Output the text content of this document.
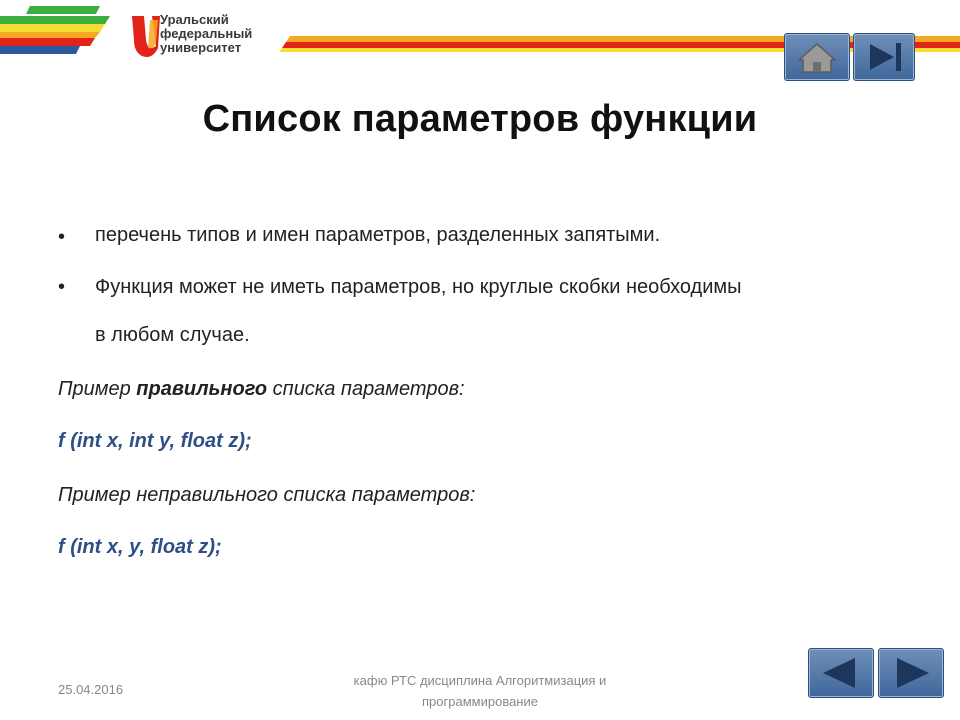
Уральский
федеральный
университет
Список параметров функции
• перечень типов и имен параметров, разделенных запятыми.
• Функция может не иметь параметров, но круглые скобки необходимы
в любом случае.
Пример правильного списка параметров:
f (int x, int y, float z);
Пример неправильного списка параметров:
f (int x, y, float z);
25.04.2016
кафю РТС дисциплина Алгоритмизация и
программирование
